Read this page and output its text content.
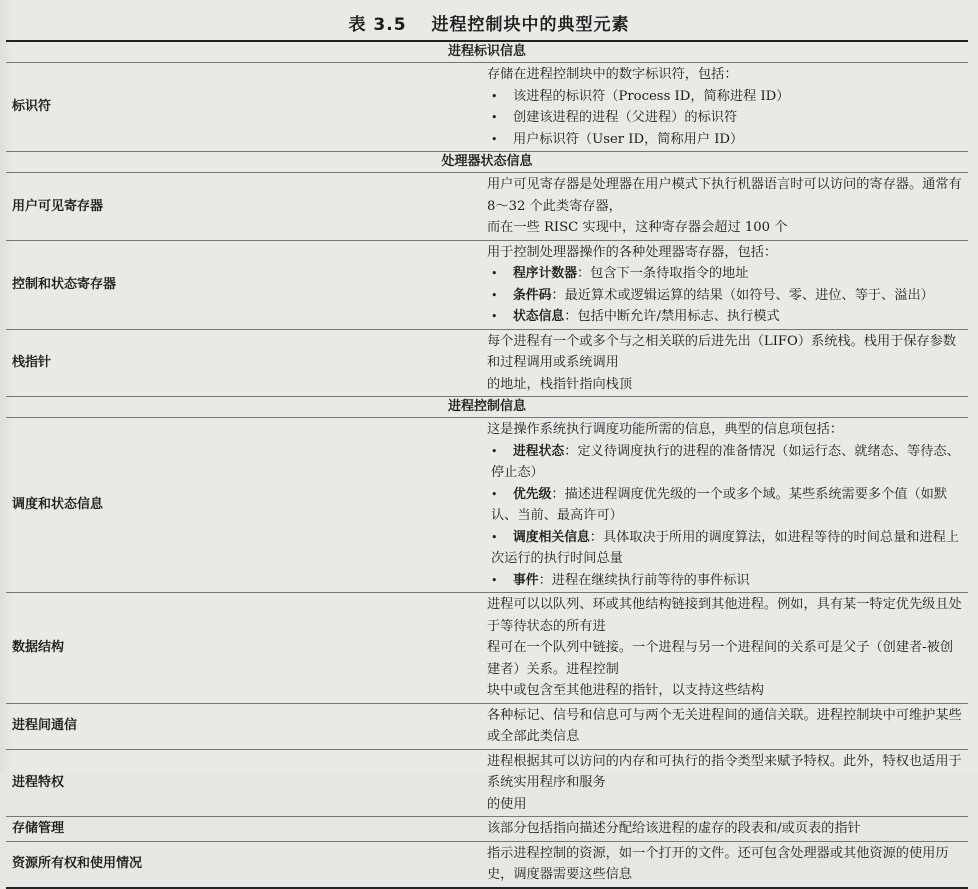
表 3.5 进程控制块中的典型元素
进程标识信息	
标识符	存储在进程控制块中的数字标识符，包括：
• 该进程的标识符（Process ID，简称进程 ID）
• 创建该进程的进程（父进程）的标识符
• 用户标识符（User ID，简称用户 ID）

处理器状态信息	
用户可见寄存器	用户可见寄存器是处理器在用户模式下执行机器语言时可以访问的寄存器。通常有 8～32 个此类寄存器，
而在一些 RISC 实现中，这种寄存器会超过 100 个

控制和状态寄存器	用于控制处理器操作的各种处理器寄存器，包括：
• 程序计数器：包含下一条待取指令的地址
• 条件码：最近算术或逻辑运算的结果（如符号、零、进位、等于、溢出）
• 状态信息：包括中断允许/禁用标志、执行模式

栈指针	每个进程有一个或多个与之相关联的后进先出（LIFO）系统栈。栈用于保存参数和过程调用或系统调用
的地址，栈指针指向栈顶

进程控制信息	
调度和状态信息	这是操作系统执行调度功能所需的信息，典型的信息项包括：
• 进程状态：定义待调度执行的进程的准备情况（如运行态、就绪态、等待态、停止态）
• 优先级：描述进程调度优先级的一个或多个域。某些系统需要多个值（如默认、当前、最高许可）
• 调度相关信息：具体取决于所用的调度算法，如进程等待的时间总量和进程上次运行的执行时间总量
• 事件：进程在继续执行前等待的事件标识

数据结构	进程可以以队列、环或其他结构链接到其他进程。例如，具有某一特定优先级且处于等待状态的所有进
程可在一个队列中链接。一个进程与另一个进程间的关系可是父子（创建者-被创建者）关系。进程控制
块中或包含至其他进程的指针，以支持这些结构

进程间通信	各种标记、信号和信息可与两个无关进程间的通信关联。进程控制块中可维护某些或全部此类信息

进程特权	进程根据其可以访问的内存和可执行的指令类型来赋予特权。此外，特权也适用于系统实用程序和服务
的使用

存储管理	该部分包括指向描述分配给该进程的虚存的段表和/或页表的指针

资源所有权和使用情况	指示进程控制的资源，如一个打开的文件。还可包含处理器或其他资源的使用历史，调度器需要这些信息
